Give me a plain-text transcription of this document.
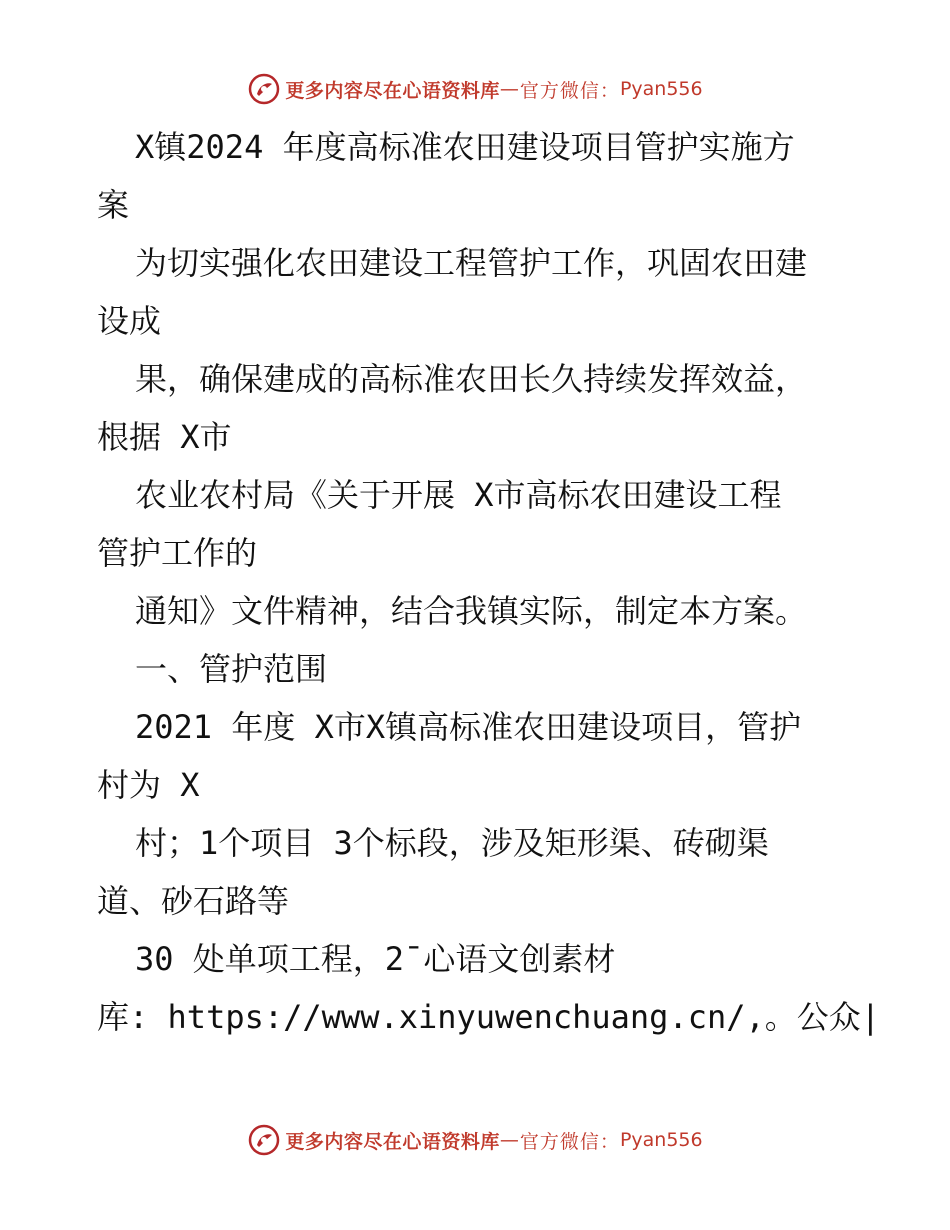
更多内容尽在心语资料库 — 官方微信： Pyan556
X镇2024 年度高标准农田建设项目管护实施方
案
为切实强化农田建设工程管护工作，巩固农田建
设成
果，确保建成的高标准农田长久持续发挥效益，
根据 X市
农业农村局《关于开展 X市高标农田建设工程
管护工作的
通知》文件精神，结合我镇实际，制定本方案。
一、管护范围
2021 年度 X市X镇高标准农田建设项目，管护
村为 X
村；1个项目 3个标段，涉及矩形渠、砖砌渠
道、砂石路等
30 处单项工程，2¯心语文创素材
库: https://www.xinyuwenchuang.cn/,。公众|
更多内容尽在心语资料库 — 官方微信： Pyan556
